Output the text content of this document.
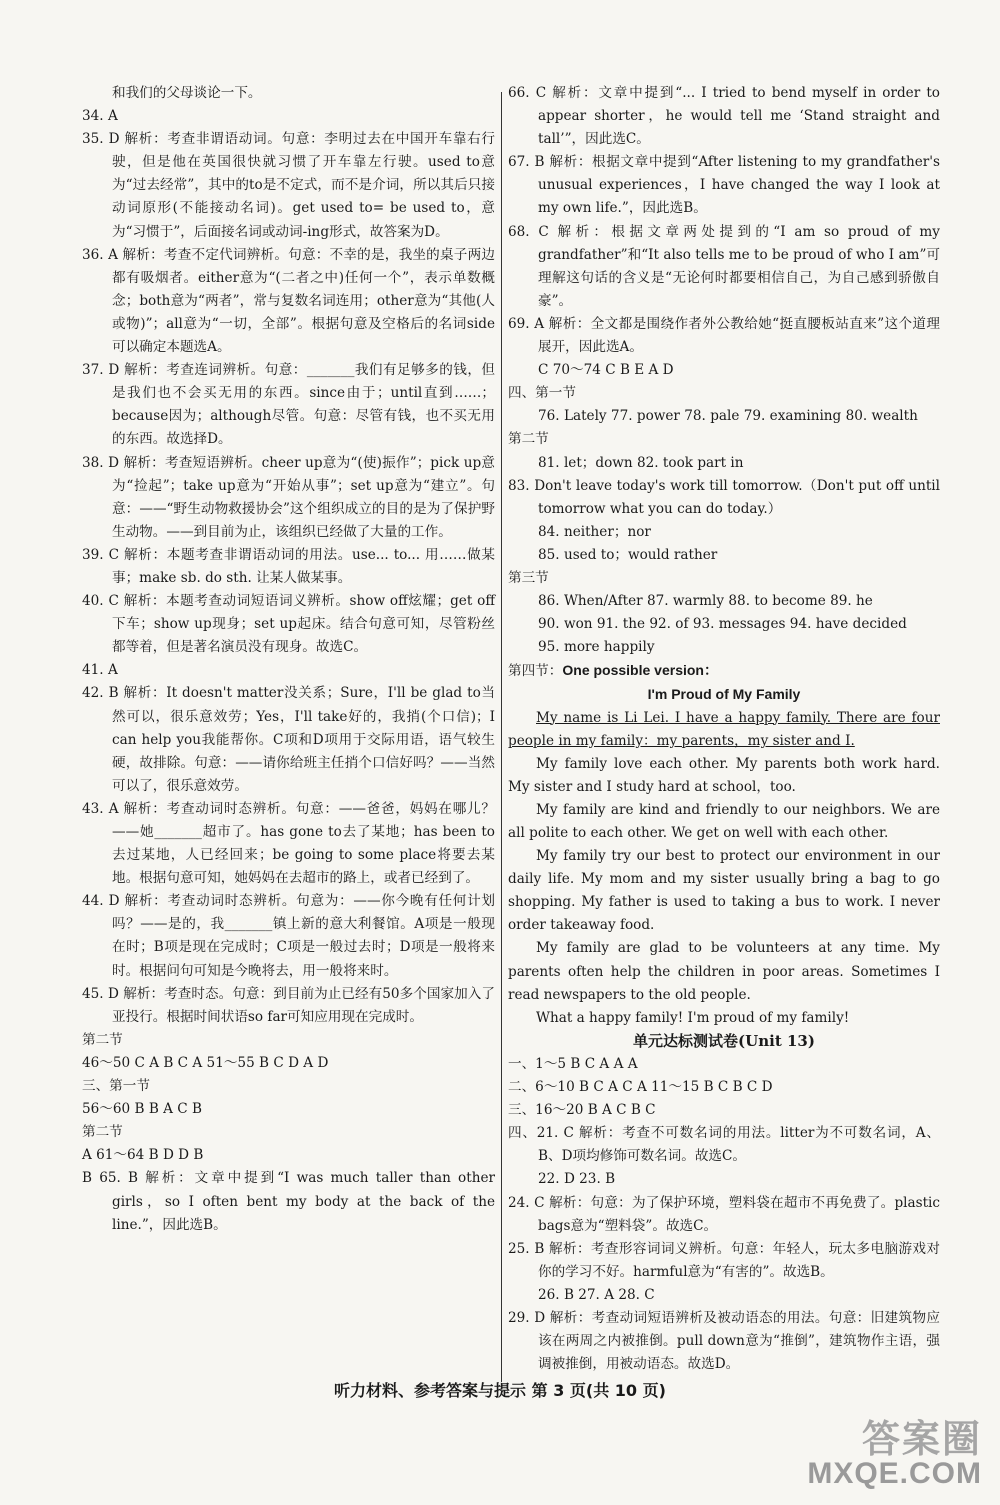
和我们的父母谈论一下。
34. A
35. D 解析：考查非谓语动词。句意：李明过去在中国开车靠右行驶，但是他在英国很快就习惯了开车靠左行驶。used to意为“过去经常”，其中的to是不定式，而不是介词，所以其后只接动词原形(不能接动名词)。get used to= be used to，意为“习惯于”，后面接名词或动词-ing形式，故答案为D。
36. A 解析：考查不定代词辨析。句意：不幸的是，我坐的桌子两边都有吸烟者。either意为“(二者之中)任何一个”，表示单数概念；both意为“两者”，常与复数名词连用；other意为“其他(人或物)”；all意为“一切，全部”。根据句意及空格后的名词side可以确定本题选A。
37. D 解析：考查连词辨析。句意：_______我们有足够多的钱，但是我们也不会买无用的东西。since由于；until直到……；because因为；although尽管。句意：尽管有钱，也不买无用的东西。故选择D。
38. D 解析：考查短语辨析。cheer up意为“(使)振作”；pick up意为“捡起”；take up意为“开始从事”；set up意为“建立”。句意：——“野生动物救援协会”这个组织成立的目的是为了保护野生动物。——到目前为止，该组织已经做了大量的工作。
39. C 解析：本题考查非谓语动词的用法。use... to... 用……做某事；make sb. do sth. 让某人做某事。
40. C 解析：本题考查动词短语词义辨析。show off炫耀；get off下车；show up现身；set up起床。结合句意可知，尽管粉丝都等着，但是著名演员没有现身。故选C。
41. A
42. B 解析：It doesn't matter没关系；Sure，I'll be glad to当然可以，很乐意效劳；Yes，I'll take好的，我捎(个口信)；I can help you我能帮你。C项和D项用于交际用语，语气较生硬，故排除。句意：——请你给班主任捎个口信好吗？——当然可以了，很乐意效劳。
43. A 解析：考查动词时态辨析。句意：——爸爸，妈妈在哪儿？——她_______超市了。has gone to去了某地；has been to去过某地，人已经回来；be going to some place将要去某地。根据句意可知，她妈妈在去超市的路上，或者已经到了。
44. D 解析：考查动词时态辨析。句意为：——你今晚有任何计划吗？——是的，我_______镇上新的意大利餐馆。A项是一般现在时；B项是现在完成时；C项是一般过去时；D项是一般将来时。根据问句可知是今晚将去，用一般将来时。
45. D 解析：考查时态。句意：到目前为止已经有50多个国家加入了亚投行。根据时间状语so far可知应用现在完成时。
第二节
46～50 C A B C A 51～55 B C D A D
三、第一节
56～60 B B A C B
第二节
A 61～64 B D D B
B 65. B 解析：文章中提到“I was much taller than other girls，so I often bent my body at the back of the line.”，因此选B。
66. C 解析：文章中提到“... I tried to bend myself in order to appear shorter，he would tell me ‘Stand straight and tall’”，因此选C。
67. B 解析：根据文章中提到“After listening to my grandfather's unusual experiences，I have changed the way I look at my own life.”，因此选B。
68. C 解析：根据文章两处提到的“I am so proud of my grandfather”和“It also tells me to be proud of who I am”可理解这句话的含义是“无论何时都要相信自己，为自己感到骄傲自豪”。
69. A 解析：全文都是围绕作者外公教给她“挺直腰板站直来”这个道理展开，因此选A。
C 70～74 C B E A D
四、第一节
76. Lately 77. power 78. pale 79. examining 80. wealth
第二节
81. let；down 82. took part in
83. Don't leave today's work till tomorrow.（Don't put off until tomorrow what you can do today.）
84. neither；nor
85. used to；would rather
第三节
86. When/After 87. warmly 88. to become 89. he
90. won 91. the 92. of 93. messages 94. have decided
95. more happily
第四节：One possible version：
I'm Proud of My Family
My name is Li Lei. I have a happy family. There are four people in my family：my parents，my sister and I.
My family love each other. My parents both work hard. My sister and I study hard at school，too.
My family are kind and friendly to our neighbors. We are all polite to each other. We get on well with each other.
My family try our best to protect our environment in our daily life. My mom and my sister usually bring a bag to go shopping. My father is used to taking a bus to work. I never order takeaway food.
My family are glad to be volunteers at any time. My parents often help the children in poor areas. Sometimes I read newspapers to the old people.
What a happy family! I'm proud of my family!
单元达标测试卷(Unit 13)
一、1～5 B C A A A
二、6～10 B C A C A 11～15 B C B C D
三、16～20 B A C B C
四、21. C 解析：考查不可数名词的用法。litter为不可数名词，A、B、D项均修饰可数名词。故选C。
22. D 23. B
24. C 解析：句意：为了保护环境，塑料袋在超市不再免费了。plastic bags意为“塑料袋”。故选C。
25. B 解析：考查形容词词义辨析。句意：年轻人，玩太多电脑游戏对你的学习不好。harmful意为“有害的”。故选B。
26. B 27. A 28. C
29. D 解析：考查动词短语辨析及被动语态的用法。句意：旧建筑物应该在两周之内被推倒。pull down意为“推倒”，建筑物作主语，强调被推倒，用被动语态。故选D。
听力材料、参考答案与提示 第 3 页(共 10 页)
答案圈
MXQE.COM
